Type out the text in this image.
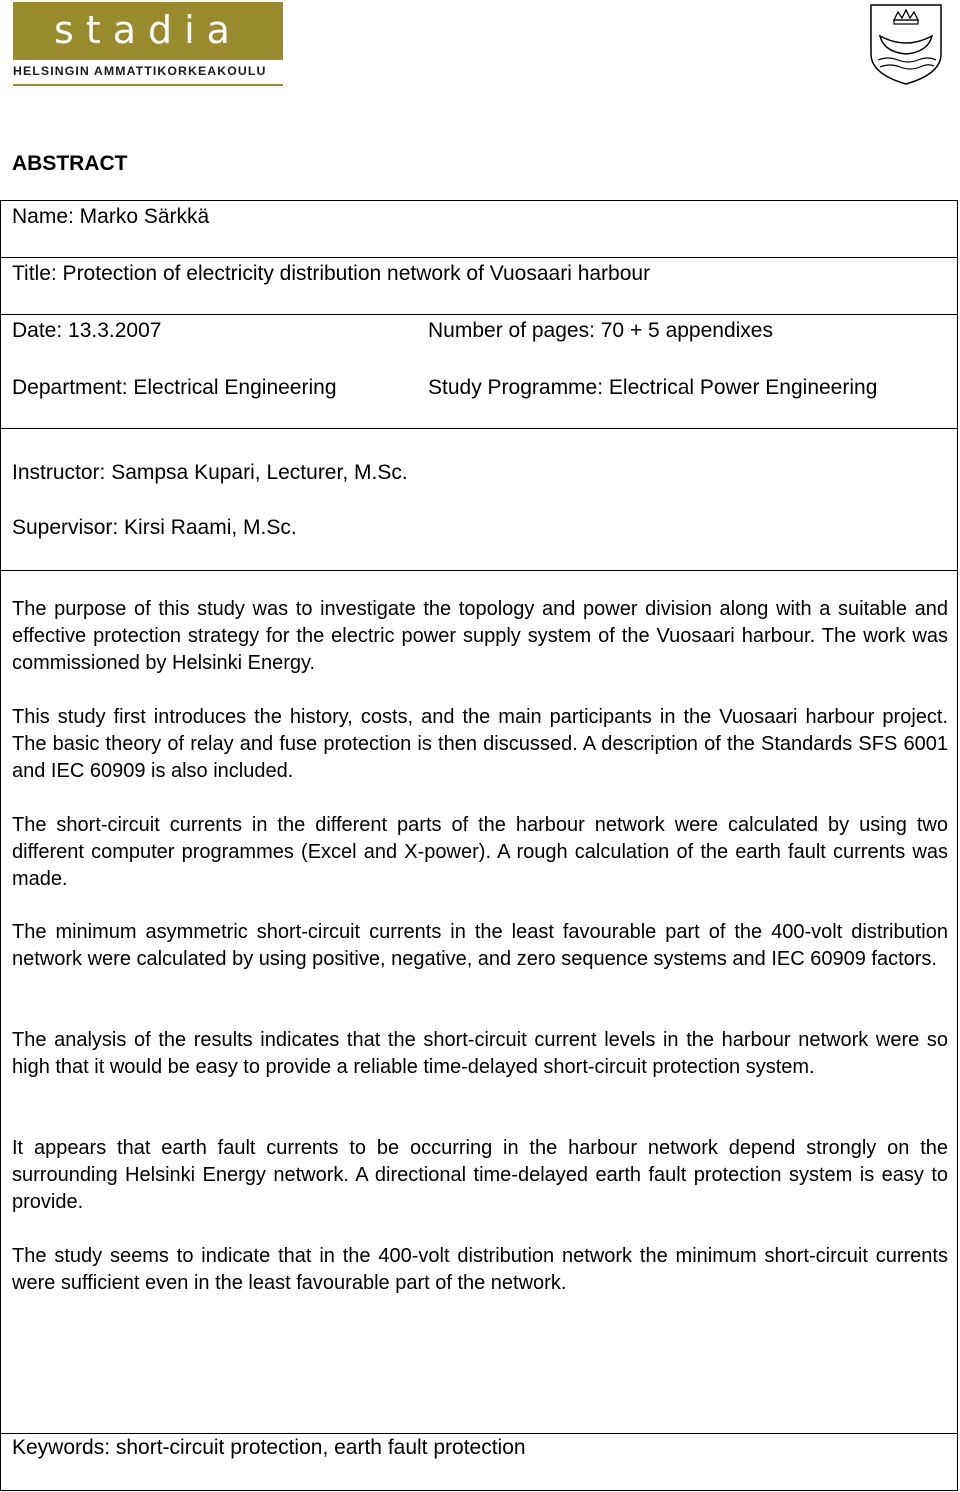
stadia
HELSINGIN AMMATTIKORKEAKOULU
ABSTRACT
Name: Marko Särkkä
Title: Protection of electricity distribution network of Vuosaari harbour
Date: 13.3.2007	Number of pages: 70 + 5 appendixes
Department: Electrical Engineering	Study Programme: Electrical Power Engineering
Instructor: Sampsa Kupari, Lecturer, M.Sc.
Supervisor: Kirsi Raami, M.Sc.
The purpose of this study was to investigate the topology and power division along with a suitable and effective protection strategy for the electric power supply system of the Vuosaari harbour. The work was commissioned by Helsinki Energy.
This study first introduces the history, costs, and the main participants in the Vuosaari harbour project. The basic theory of relay and fuse protection is then discussed. A description of the Standards SFS 6001 and IEC 60909 is also included.
The short-circuit currents in the different parts of the harbour network were calculated by using two different computer programmes (Excel and X-power). A rough calculation of the earth fault currents was made.
The minimum asymmetric short-circuit currents in the least favourable part of the 400-volt distribution network were calculated by using positive, negative, and zero sequence systems and IEC 60909 factors.
The analysis of the results indicates that the short-circuit current levels in the harbour network were so high that it would be easy to provide a reliable time-delayed short-circuit protection system.
It appears that earth fault currents to be occurring in the harbour network depend strongly on the surrounding Helsinki Energy network. A directional time-delayed earth fault protection system is easy to provide.
The study seems to indicate that in the 400-volt distribution network the minimum short-circuit currents were sufficient even in the least favourable part of the network.
Keywords: short-circuit protection, earth fault protection
